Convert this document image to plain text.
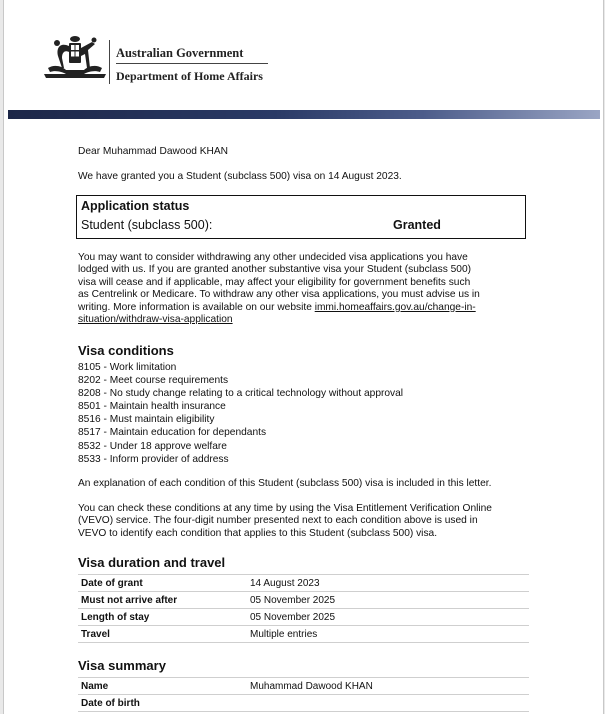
Australian Government
Department of Home Affairs
Dear Muhammad Dawood KHAN
We have granted you a Student (subclass 500) visa on 14 August 2023.
Application status
Student (subclass 500):	Granted
You may want to consider withdrawing any other undecided visa applications you have
lodged with us. If you are granted another substantive visa your Student (subclass 500)
visa will cease and if applicable, may affect your eligibility for government benefits such
as Centrelink or Medicare. To withdraw any other visa applications, you must advise us in
writing. More information is available on our website immi.homeaffairs.gov.au/change-in-
situation/withdraw-visa-application
Visa conditions
8105 - Work limitation
8202 - Meet course requirements
8208 - No study change relating to a critical technology without approval
8501 - Maintain health insurance
8516 - Must maintain eligibility
8517 - Maintain education for dependants
8532 - Under 18 approve welfare
8533 - Inform provider of address
An explanation of each condition of this Student (subclass 500) visa is included in this letter.
You can check these conditions at any time by using the Visa Entitlement Verification Online
(VEVO) service. The four-digit number presented next to each condition above is used in
VEVO to identify each condition that applies to this Student (subclass 500) visa.
Visa duration and travel
Date of grant	14 August 2023
Must not arrive after	05 November 2025
Length of stay	05 November 2025
Travel	Multiple entries
Visa summary
Name	Muhammad Dawood KHAN
Date of birth	
